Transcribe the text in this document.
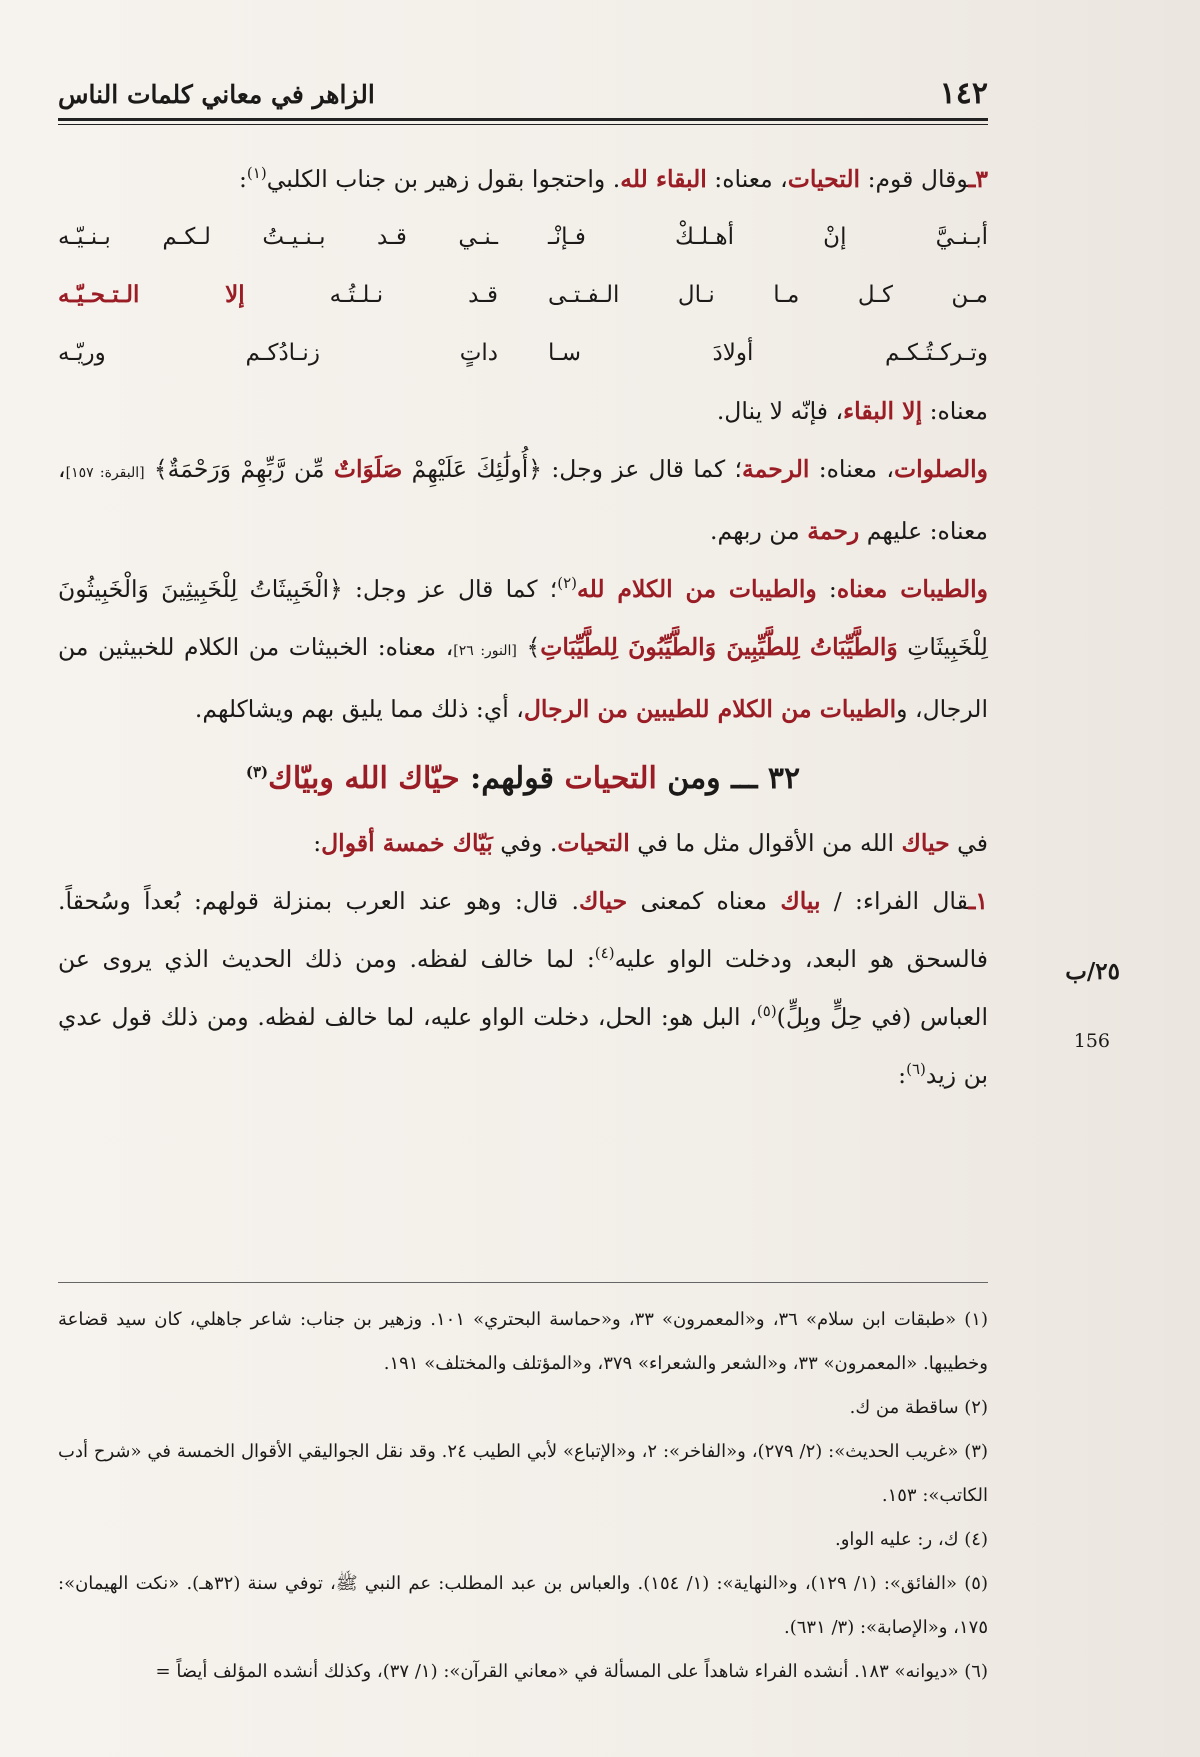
١٤٢
الزاهر في معاني كلمات الناس

٣ـوقال قوم: التحيات، معناه: البقاء لله. واحتجوا بقول زهير بن جناب الكلبي$^{(١)}$:

أبـنـيَّ إنْ أهـلـكْ فـإنْـ
ـنـي قـد بـنـيـتُ لـكـم بـنـيّـه
مـن كـل مـا نـال الـفـتـى
قـد نـلـتُـه إلا الـتـحـيّـه
وتـركـتُـكـم أولادَ سـا
داتٍ زنـادُكـم وريّـه

معناه: إلا البقاء، فإنّه لا ينال.

والصلوات، معناه: الرحمة؛ كما قال عز وجل: ﴿أُولَٰئِكَ عَلَيْهِمْ صَلَوَاتٌ مِّن رَّبِّهِمْ وَرَحْمَةٌ﴾ [البقرة: ١٥٧]، معناه: عليهم رحمة من ربهم.

والطيبات معناه: والطيبات من الكلام لله$^{(٢)}$؛ كما قال عز وجل: ﴿الْخَبِيثَاتُ لِلْخَبِيثِينَ وَالْخَبِيثُونَ لِلْخَبِيثَاتِ وَالطَّيِّبَاتُ لِلطَّيِّبِينَ وَالطَّيِّبُونَ لِلطَّيِّبَاتِ﴾ [النور: ٢٦]، معناه: الخبيثات من الكلام للخبيثين من الرجال، والطيبات من الكلام للطيبين من الرجال، أي: ذلك مما يليق بهم ويشاكلهم.

٣٢ ـــ ومن التحيات قولهم: حيّاك الله وبيّاك$^{(٣)}$

في حياك الله من الأقوال مثل ما في التحيات. وفي بَيّاك خمسة أقوال:

١ـقال الفراء: / بياك معناه كمعنى حياك. قال: وهو عند العرب بمنزلة قولهم: بُعداً وسُحقاً. فالسحق هو البعد، ودخلت الواو عليه$^{(٤)}$: لما خالف لفظه. ومن ذلك الحديث الذي يروى عن العباس (في حِلٍّ وبِلٍّ)$^{(٥)}$، البل هو: الحل، دخلت الواو عليه، لما خالف لفظه. ومن ذلك قول عدي بن زيد$^{(٦)}$:

٢٥/ب
156

(١) «طبقات ابن سلام» ٣٦، و«المعمرون» ٣٣، و«حماسة البحتري» ١٠١. وزهير بن جناب: شاعر جاهلي، كان سيد قضاعة وخطيبها. «المعمرون» ٣٣، و«الشعر والشعراء» ٣٧٩، و«المؤتلف والمختلف» ١٩١.

(٢) ساقطة من ك.

(٣) «غريب الحديث»: (٢/ ٢٧٩)، و«الفاخر»: ٢، و«الإتباع» لأبي الطيب ٢٤. وقد نقل الجواليقي الأقوال الخمسة في «شرح أدب الكاتب»: ١٥٣.

(٤) ك، ر: عليه الواو.

(٥) «الفائق»: (١/ ١٢٩)، و«النهاية»: (١/ ١٥٤). والعباس بن عبد المطلب: عم النبي ﷺ، توفي سنة (٣٢هـ). «نكت الهيمان»: ١٧٥، و«الإصابة»: (٣/ ٦٣١).

(٦) «ديوانه» ١٨٣. أنشده الفراء شاهداً على المسألة في «معاني القرآن»: (١/ ٣٧)، وكذلك أنشده المؤلف أيضاً =
